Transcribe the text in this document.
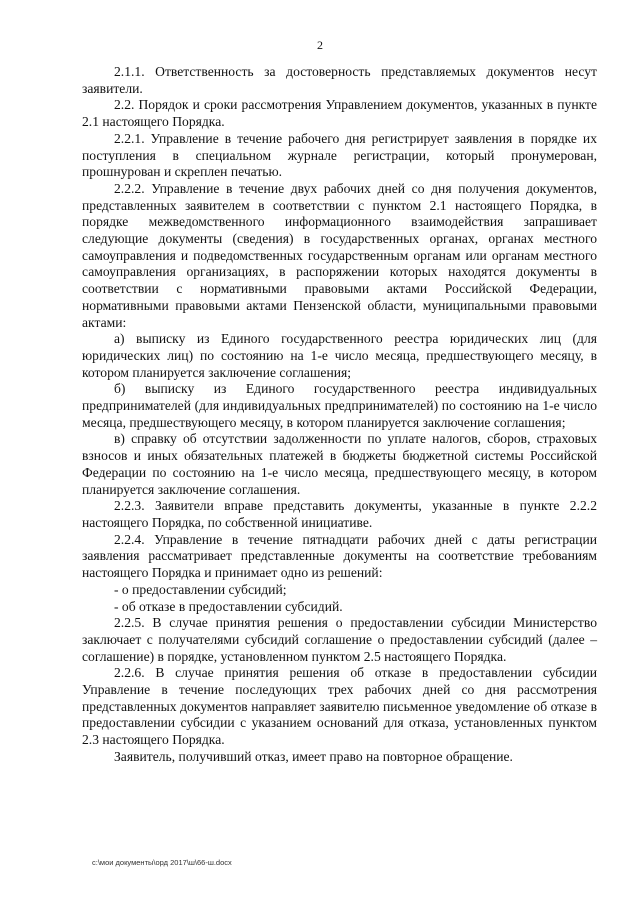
2

2.1.1. Ответственность за достоверность представляемых документов несут заявители.

2.2. Порядок и сроки рассмотрения Управлением документов, указанных в пункте 2.1 настоящего Порядка.

2.2.1. Управление в течение рабочего дня регистрирует заявления в порядке их поступления в специальном журнале регистрации, который пронумерован, прошнурован и скреплен печатью.

2.2.2. Управление в течение двух рабочих дней со дня получения документов, представленных заявителем в соответствии с пунктом 2.1 настоящего Порядка, в порядке межведомственного информационного взаимодействия запрашивает следующие документы (сведения) в государственных органах, органах местного самоуправления и подведомственных государственным органам или органам местного самоуправления организациях, в распоряжении которых находятся документы в соответствии с нормативными правовыми актами Российской Федерации, нормативными правовыми актами Пензенской области, муниципальными правовыми актами:

а) выписку из Единого государственного реестра юридических лиц (для юридических лиц) по состоянию на 1-е число месяца, предшествующего месяцу, в котором планируется заключение соглашения;

б) выписку из Единого государственного реестра индивидуальных предпринимателей (для индивидуальных предпринимателей) по состоянию на 1-е число месяца, предшествующего месяцу, в котором планируется заключение соглашения;

в) справку об отсутствии задолженности по уплате налогов, сборов, страховых взносов и иных обязательных платежей в бюджеты бюджетной системы Российской Федерации по состоянию на 1-е число месяца, предшествующего месяцу, в котором планируется заключение соглашения.

2.2.3. Заявители вправе представить документы, указанные в пункте 2.2.2 настоящего Порядка, по собственной инициативе.

2.2.4. Управление в течение пятнадцати рабочих дней с даты регистрации заявления рассматривает представленные документы на соответствие требованиям настоящего Порядка и принимает одно из решений:

- о предоставлении субсидий;

- об отказе в предоставлении субсидий.

2.2.5. В случае принятия решения о предоставлении субсидии Министерство заключает с получателями субсидий соглашение о предоставлении субсидий (далее – соглашение) в порядке, установленном пунктом 2.5 настоящего Порядка.

2.2.6. В случае принятия решения об отказе в предоставлении субсидии Управление в течение последующих трех рабочих дней со дня рассмотрения представленных документов направляет заявителю письменное уведомление об отказе в предоставлении субсидии с указанием оснований для отказа, установленных пунктом 2.3 настоящего Порядка.

Заявитель, получивший отказ, имеет право на повторное обращение.

c:\мои документы\орд 2017\ш\66-ш.docx
